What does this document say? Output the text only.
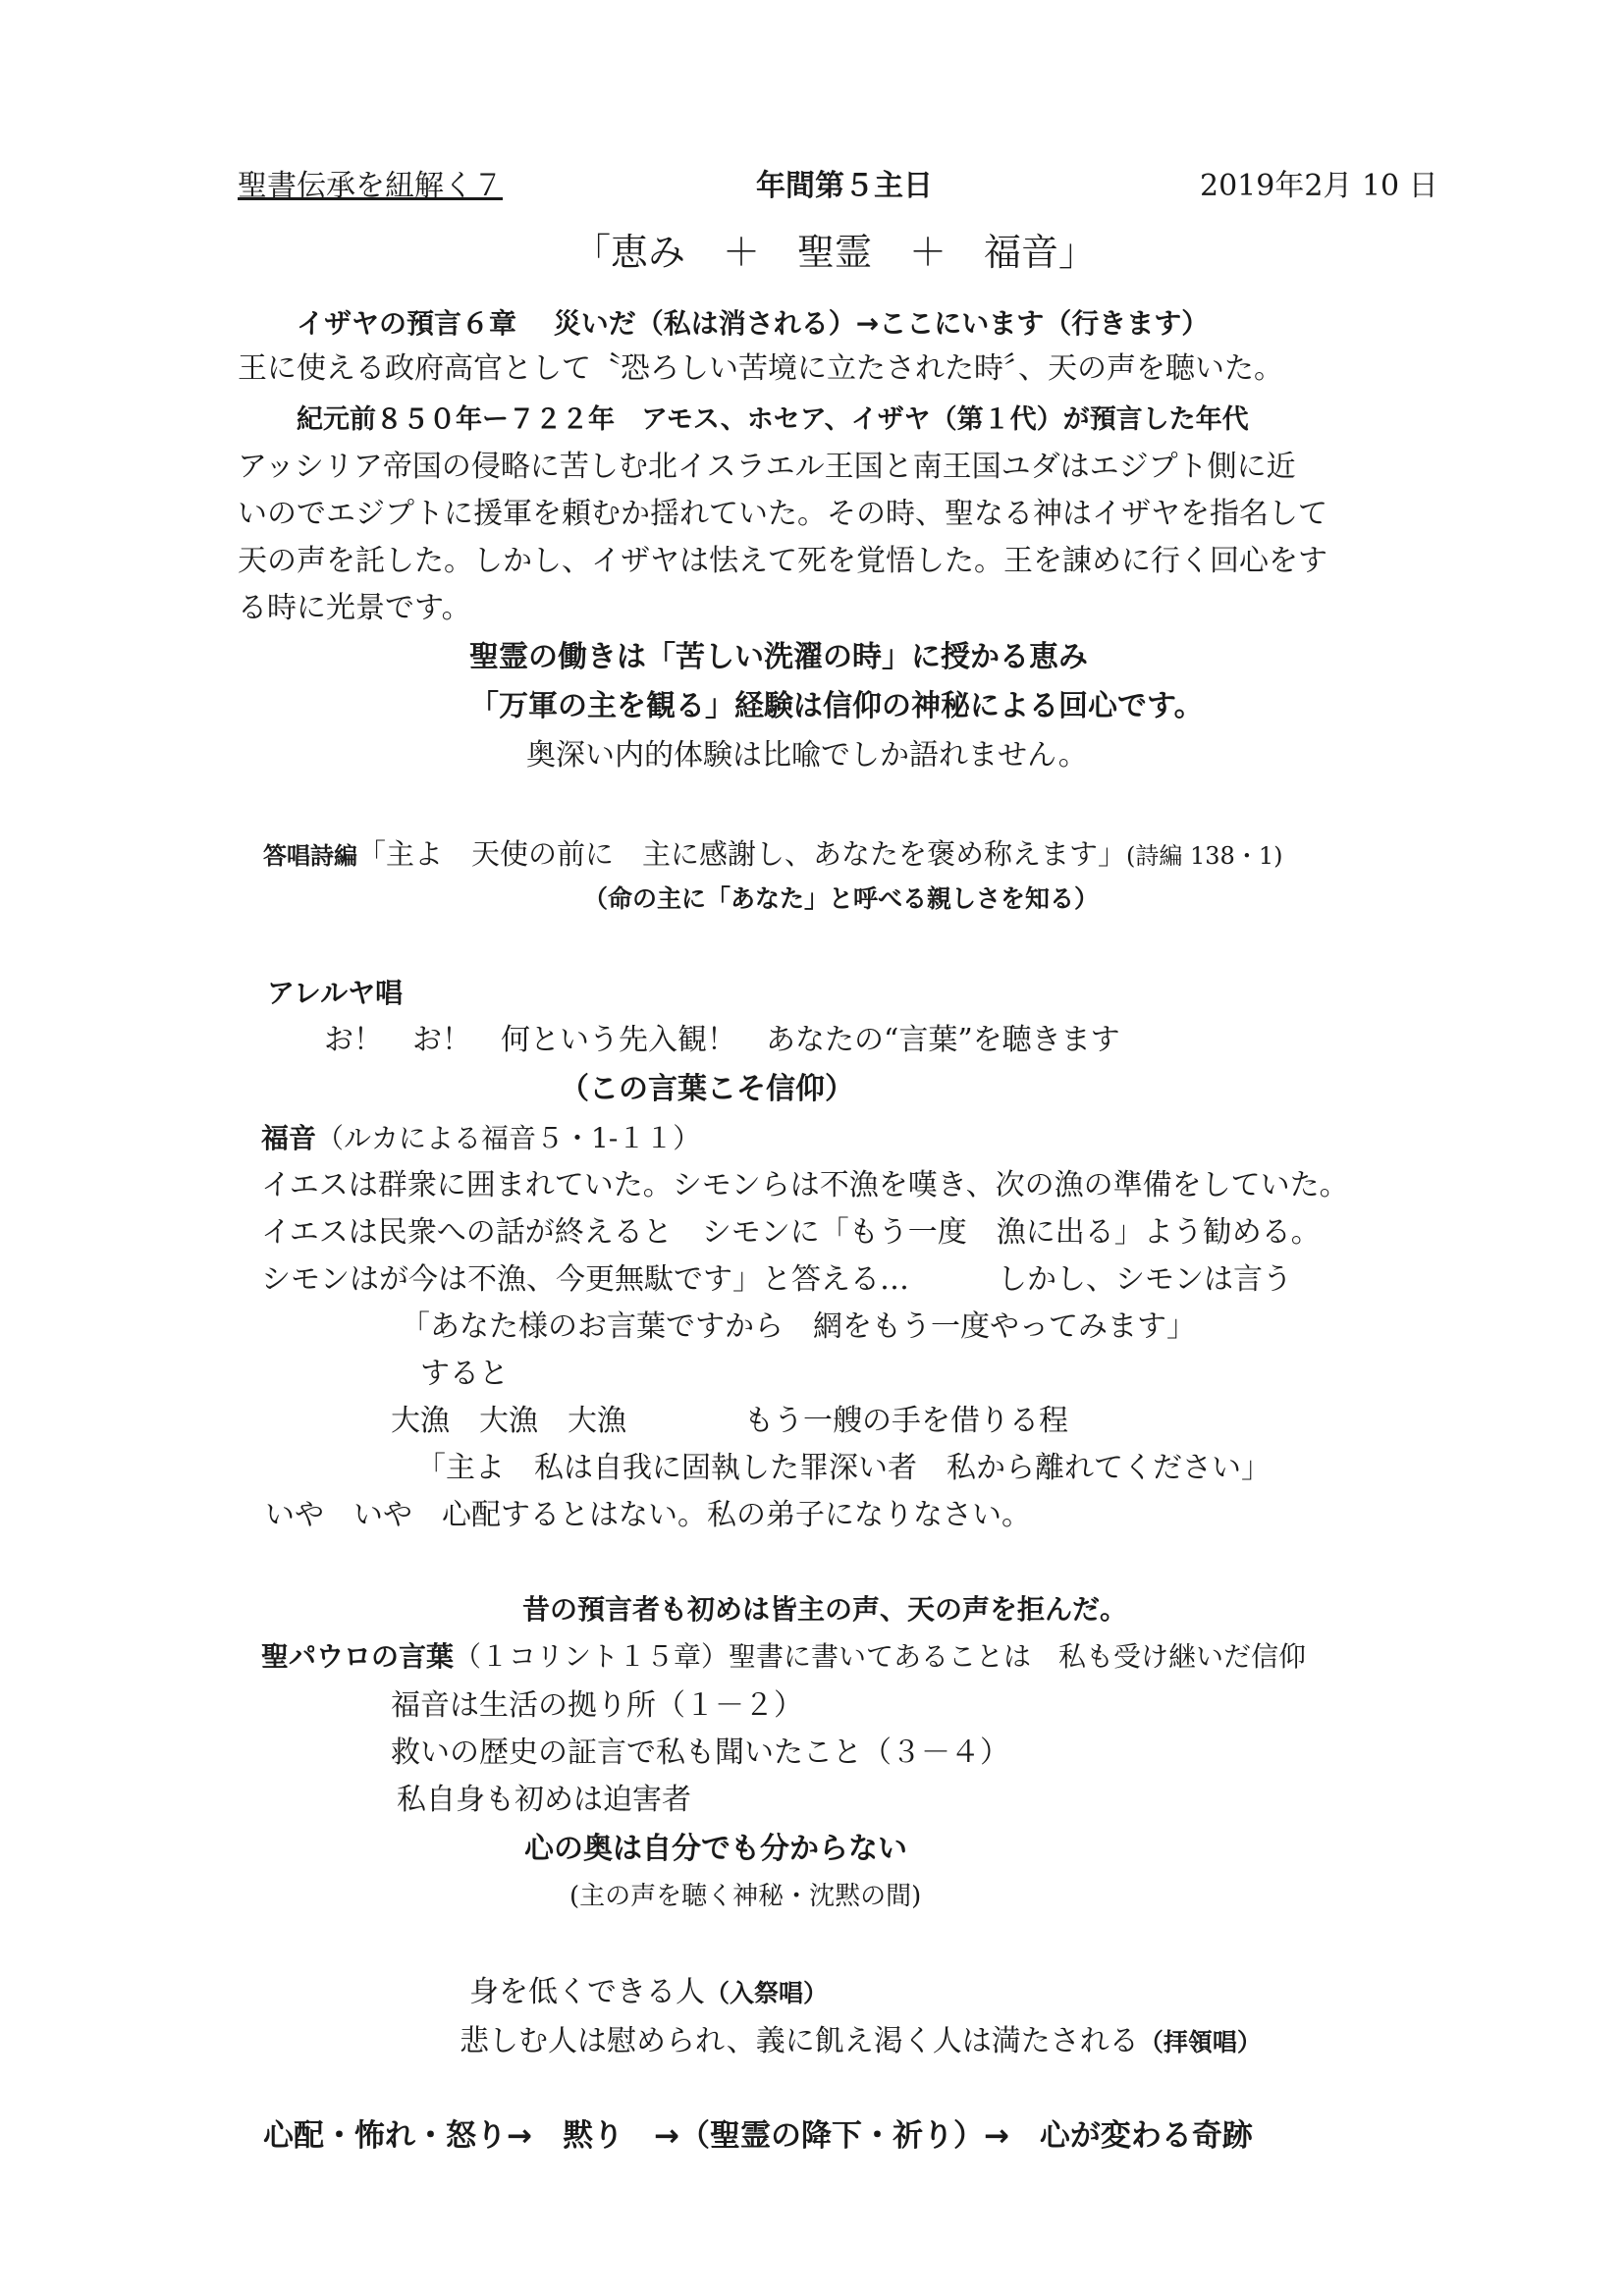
聖書伝承を紐解く７	年間第５主日	2019年2月 10 日
「恵み　＋　聖霊　＋　福音」
イザヤの預言６章　 災いだ（私は消される）→ここにいます（行きます）
王に使える政府高官として〝恐ろしい苦境に立たされた時〞、天の声を聴いた。
紀元前８５０年ー７２２年　アモス、ホセア、イザヤ（第１代）が預言した年代
アッシリア帝国の侵略に苦しむ北イスラエル王国と南王国ユダはエジプト側に近
いのでエジプトに援軍を頼むか揺れていた。その時、聖なる神はイザヤを指名して
天の声を託した。しかし、イザヤは怯えて死を覚悟した。王を諌めに行く回心をす
る時に光景です。
聖霊の働きは「苦しい洗濯の時」に授かる恵み
「万軍の主を観る」経験は信仰の神秘による回心です。
奥深い内的体験は比喩でしか語れません。
答唱詩編「主よ　天使の前に　主に感謝し、あなたを褒め称えます」(詩編 138・1)
（命の主に「あなた」と呼べる親しさを知る）
アレルヤ唱
お！　お！　何という先入観！　あなたの“言葉”を聴きます
（この言葉こそ信仰）
福音（ルカによる福音５・1-１１）
イエスは群衆に囲まれていた。シモンらは不漁を嘆き、次の漁の準備をしていた。
イエスは民衆への話が終えると　シモンに「もう一度　漁に出る」よう勧める。
シモンはが今は不漁、今更無駄です」と答える…　　　しかし、シモンは言う
「あなた様のお言葉ですから　網をもう一度やってみます」
すると
大漁　大漁　大漁　　　　もう一艘の手を借りる程
「主よ　私は自我に固執した罪深い者　私から離れてください」
いや　いや　心配するとはない。私の弟子になりなさい。
昔の預言者も初めは皆主の声、天の声を拒んだ。
聖パウロの言葉（１コリント１５章）聖書に書いてあることは　私も受け継いだ信仰
福音は生活の拠り所（１－２）
救いの歴史の証言で私も聞いたこと（３－４）
私自身も初めは迫害者
心の奥は自分でも分からない
(主の声を聴く神秘・沈黙の間)
身を低くできる人（入祭唱）
悲しむ人は慰められ、義に飢え渇く人は満たされる（拝領唱）
心配・怖れ・怒り→　黙り　→（聖霊の降下・祈り）→　心が変わる奇跡
